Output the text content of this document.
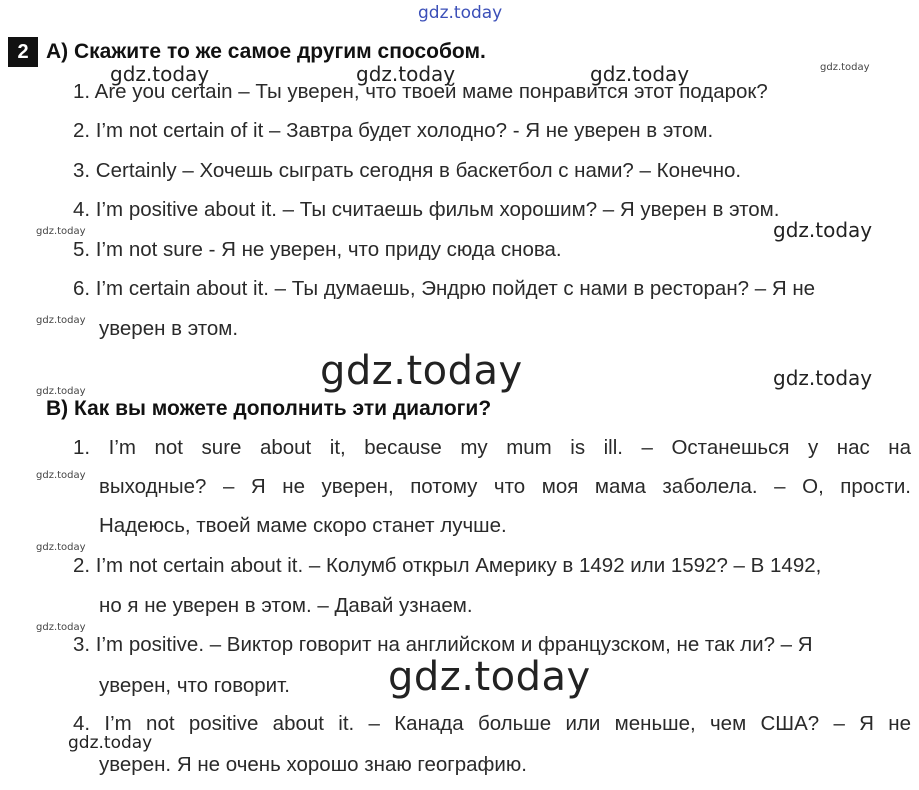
gdz.today
gdz.today	gdz.today	gdz.today	gdz.today
gdz.today	gdz.today
gdz.today
gdz.today	gdz.today
gdz.today
gdz.today
gdz.today
gdz.today
gdz.today
gdz.today
2 A) Скажите то же самое другим способом.
1. Are you certain – Ты уверен, что твоей маме понравится этот подарок?
2. I’m not certain of it – Завтра будет холодно? - Я не уверен в этом.
3. Certainly – Хочешь сыграть сегодня в баскетбол с нами? – Конечно.
4. I’m positive about it. – Ты считаешь фильм хорошим? – Я уверен в этом.
5. I’m not sure - Я не уверен, что приду сюда снова.
6. I’m certain about it. – Ты думаешь, Эндрю пойдет с нами в ресторан? – Я не
уверен в этом.
B) Как вы можете дополнить эти диалоги?
1. I’m not sure about it, because my mum is ill. – Останешься у нас на
выходные? – Я не уверен, потому что моя мама заболела. – О, прости.
Надеюсь, твоей маме скоро станет лучше.
2. I’m not certain about it. – Колумб открыл Америку в 1492 или 1592? – В 1492,
но я не уверен в этом. – Давай узнаем.
3. I’m positive. – Виктор говорит на английском и французском, не так ли? – Я
уверен, что говорит.
4. I’m not positive about it. – Канада больше или меньше, чем США? – Я не
уверен. Я не очень хорошо знаю географию.
